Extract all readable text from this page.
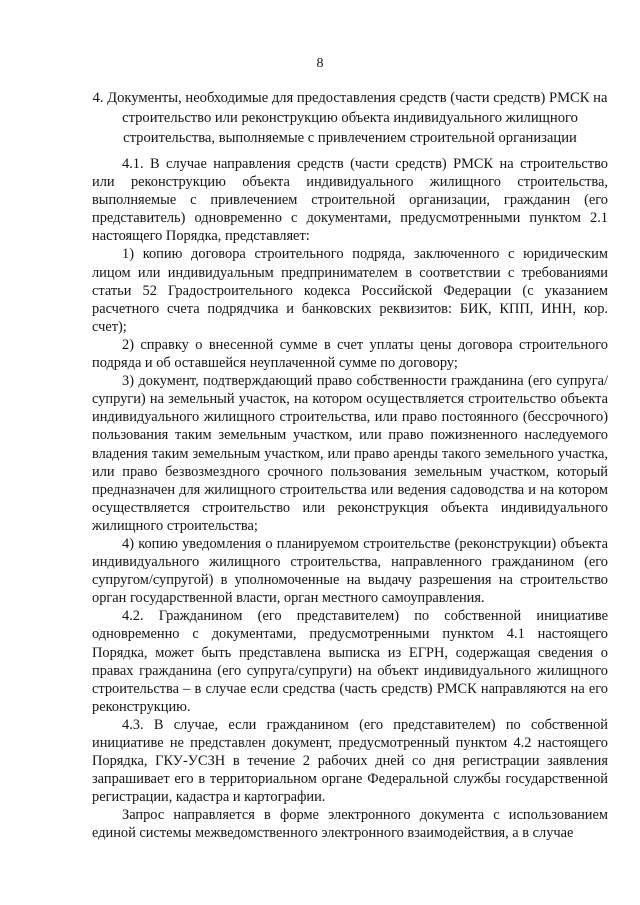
8
4. Документы, необходимые для предоставления средств (части средств) РМСК на строительство или реконструкцию объекта индивидуального жилищного строительства, выполняемые с привлечением строительной организации

4.1. В случае направления средств (части средств) РМСК на строительство или реконструкцию объекта индивидуального жилищного строительства, выполняемые с привлечением строительной организации, гражданин (его представитель) одновременно с документами, предусмотренными пунктом 2.1 настоящего Порядка, представляет:

1) копию договора строительного подряда, заключенного с юридическим лицом или индивидуальным предпринимателем в соответствии с требованиями статьи 52 Градостроительного кодекса Российской Федерации (с указанием расчетного счета подрядчика и банковских реквизитов: БИК, КПП, ИНН, кор. счет);

2) справку о внесенной сумме в счет уплаты цены договора строительного подряда и об оставшейся неуплаченной сумме по договору;

3) документ, подтверждающий право собственности гражданина (его супруга/супруги) на земельный участок, на котором осуществляется строительство объекта индивидуального жилищного строительства, или право постоянного (бессрочного) пользования таким земельным участком, или право пожизненного наследуемого владения таким земельным участком, или право аренды такого земельного участка, или право безвозмездного срочного пользования земельным участком, который предназначен для жилищного строительства или ведения садоводства и на котором осуществляется строительство или реконструкция объекта индивидуального жилищного строительства;

4) копию уведомления о планируемом строительстве (реконструкции) объекта индивидуального жилищного строительства, направленного гражданином (его супругом/супругой) в уполномоченные на выдачу разрешения на строительство орган государственной власти, орган местного самоуправления.

4.2. Гражданином (его представителем) по собственной инициативе одновременно с документами, предусмотренными пунктом 4.1 настоящего Порядка, может быть представлена выписка из ЕГРН, содержащая сведения о правах гражданина (его супруга/супруги) на объект индивидуального жилищного строительства – в случае если средства (часть средств) РМСК направляются на его реконструкцию.

4.3. В случае, если гражданином (его представителем) по собственной инициативе не представлен документ, предусмотренный пунктом 4.2 настоящего Порядка, ГКУ-УСЗН в течение 2 рабочих дней со дня регистрации заявления запрашивает его в территориальном органе Федеральной службы государственной регистрации, кадастра и картографии.

Запрос направляется в форме электронного документа с использованием единой системы межведомственного электронного взаимодействия, а в случае
